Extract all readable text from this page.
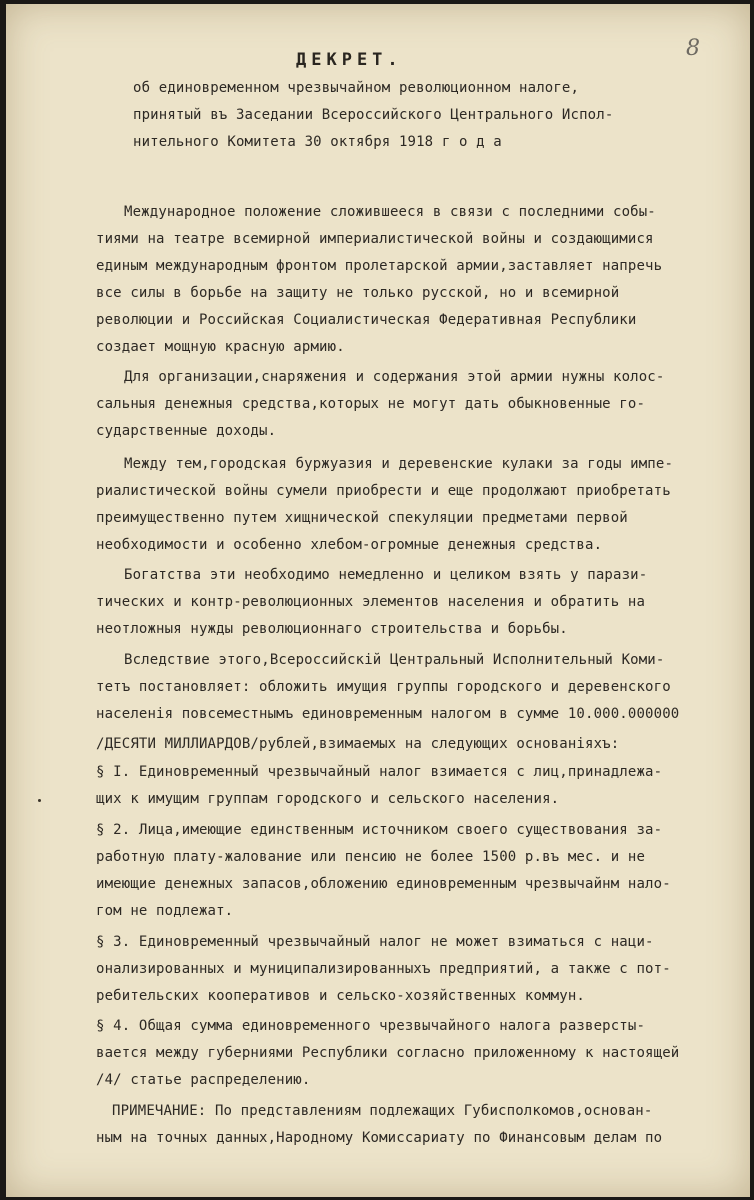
8
ДЕКРЕТ.
об единовременном чрезвычайном революционном налоге,
принятый въ Заседании Всероссийского Центрального Испол-
нительного Комитета 30 октября 1918 г о д а
Международное положение сложившееся в связи с последними собы-
тиями на театре всемирной империалистической войны и создающимися
единым международным фронтом пролетарской армии,заставляет напречь
все силы в борьбе на защиту не только русской, но и всемирной
революции и Российская Социалистическая Федеративная Республики
создает мощную красную армию.
Для организации,снаряжения и содержания этой армии нужны колос-
сальныя денежныя средства,которых не могут дать обыкновенные го-
сударственные доходы.
Между тем,городская буржуазия и деревенские кулаки за годы импе-
риалистической войны сумели приобрести и еще продолжают приобретать
преимущественно путем хищнической спекуляции предметами первой
необходимости и особенно хлебом-огромные денежныя средства.
Богатства эти необходимо немедленно и целиком взять у парази-
тических и контр-революционных элементов населения и обратить на
неотложныя нужды революционнаго строительства и борьбы.
Вследствие этого,Всероссийскiй Центральный Исполнительный Коми-
тетъ постановляет: обложить имущия группы городского и деревенского
населенiя повсеместнымъ единовременным налогом в сумме 10.000.000000
/ДЕСЯТИ МИЛЛИАРДОВ/рублей,взимаемых на следующих основанiяхъ:
§ I. Единовременный чрезвычайный налог взимается с лиц,принадлежа-
щих к имущим группам городского и сельского населения.
§ 2. Лица,имеющие единственным источником своего существования за-
работную плату-жалование или пенсию не более 1500 р.въ мес. и не
имеющие денежных запасов,обложению единовременным чрезвычайнм нало-
гом не подлежат.
§ 3. Единовременный чрезвычайный налог не может взиматься с наци-
онализированных и муниципализированныхъ предприятий, а также с пот-
ребительских кооперативов и сельско-хозяйственных коммун.
§ 4. Общая сумма единовременного чрезвычайного налога разверсты-
вается между губерниями Республики согласно приложенному к настоящей
/4/ статье распределению.
ПРИМЕЧАНИЕ: По представлениям подлежащих Губисполкомов,основан-
ным на точных данных,Народному Комиссариату по Финансовым делам по
